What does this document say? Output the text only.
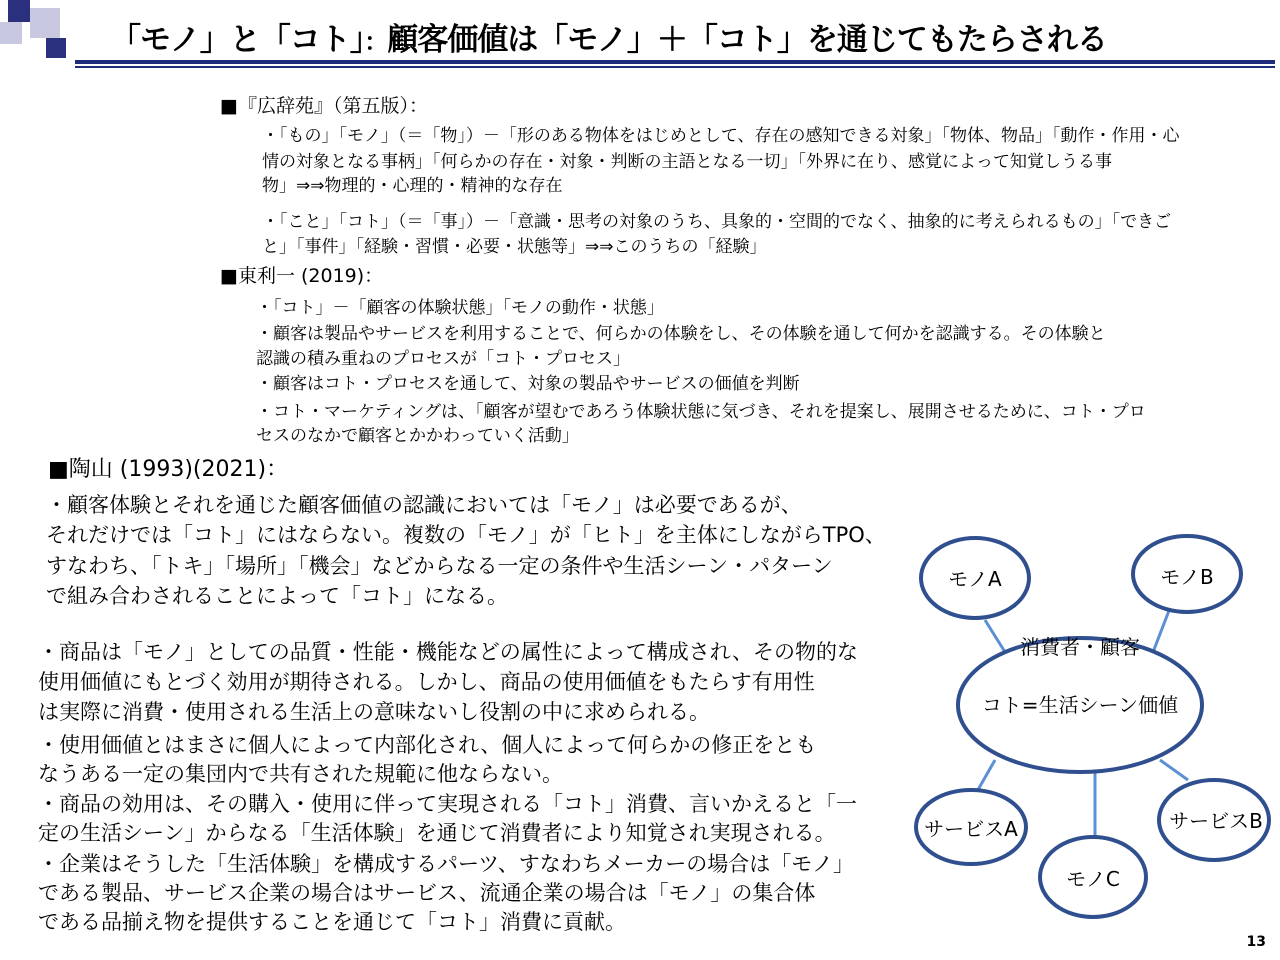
「モノ」と「コト」：顧客価値は「モノ」＋「コト」を通じてもたらされる
■『広辞苑』（第五版）：
・「もの」「モノ」（＝「物」）－「形のある物体をはじめとして、存在の感知できる対象」「物体、物品」「動作・作用・心
情の対象となる事柄」「何らかの存在・対象・判断の主語となる一切」「外界に在り、感覚によって知覚しうる事
物」⇒⇒物理的・心理的・精神的な存在
・「こと」「コト」（＝「事」）－「意識・思考の対象のうち、具象的・空間的でなく、抽象的に考えられるもの」「できご
と」「事件」「経験・習慣・必要・状態等」⇒⇒このうちの「経験」
■東利一 (2019)：
・「コト」－「顧客の体験状態」「モノの動作・状態」
・顧客は製品やサービスを利用することで、何らかの体験をし、その体験を通して何かを認識する。その体験と
認識の積み重ねのプロセスが「コト・プロセス」
・顧客はコト・プロセスを通して、対象の製品やサービスの価値を判断
・コト・マーケティングは、「顧客が望むであろう体験状態に気づき、それを提案し、展開させるために、コト・プロ
セスのなかで顧客とかかわっていく活動」
■陶山 (1993)(2021)：
・顧客体験とそれを通じた顧客価値の認識においては「モノ」は必要であるが、
それだけでは「コト」にはならない。複数の「モノ」が「ヒト」を主体にしながらTPO、
すなわち、「トキ」「場所」「機会」などからなる一定の条件や生活シーン・パターン
で組み合わされることによって「コト」になる。
・商品は「モノ」としての品質・性能・機能などの属性によって構成され、その物的な
使用価値にもとづく効用が期待される。しかし、商品の使用価値をもたらす有用性
は実際に消費・使用される生活上の意味ないし役割の中に求められる。
・使用価値とはまさに個人によって内部化され、個人によって何らかの修正をとも
なうある一定の集団内で共有された規範に他ならない。
・商品の効用は、その購入・使用に伴って実現される「コト」消費、言いかえると「一
定の生活シーン」からなる「生活体験」を通じて消費者により知覚され実現される。
・企業はそうした「生活体験」を構成するパーツ、すなわちメーカーの場合は「モノ」
である製品、サービス企業の場合はサービス、流通企業の場合は「モノ」の集合体
である品揃え物を提供することを通じて「コト」消費に貢献。
モノA	モノB
消費者・顧客
コト=生活シーン価値
サービスA	サービスB
モノC
13
